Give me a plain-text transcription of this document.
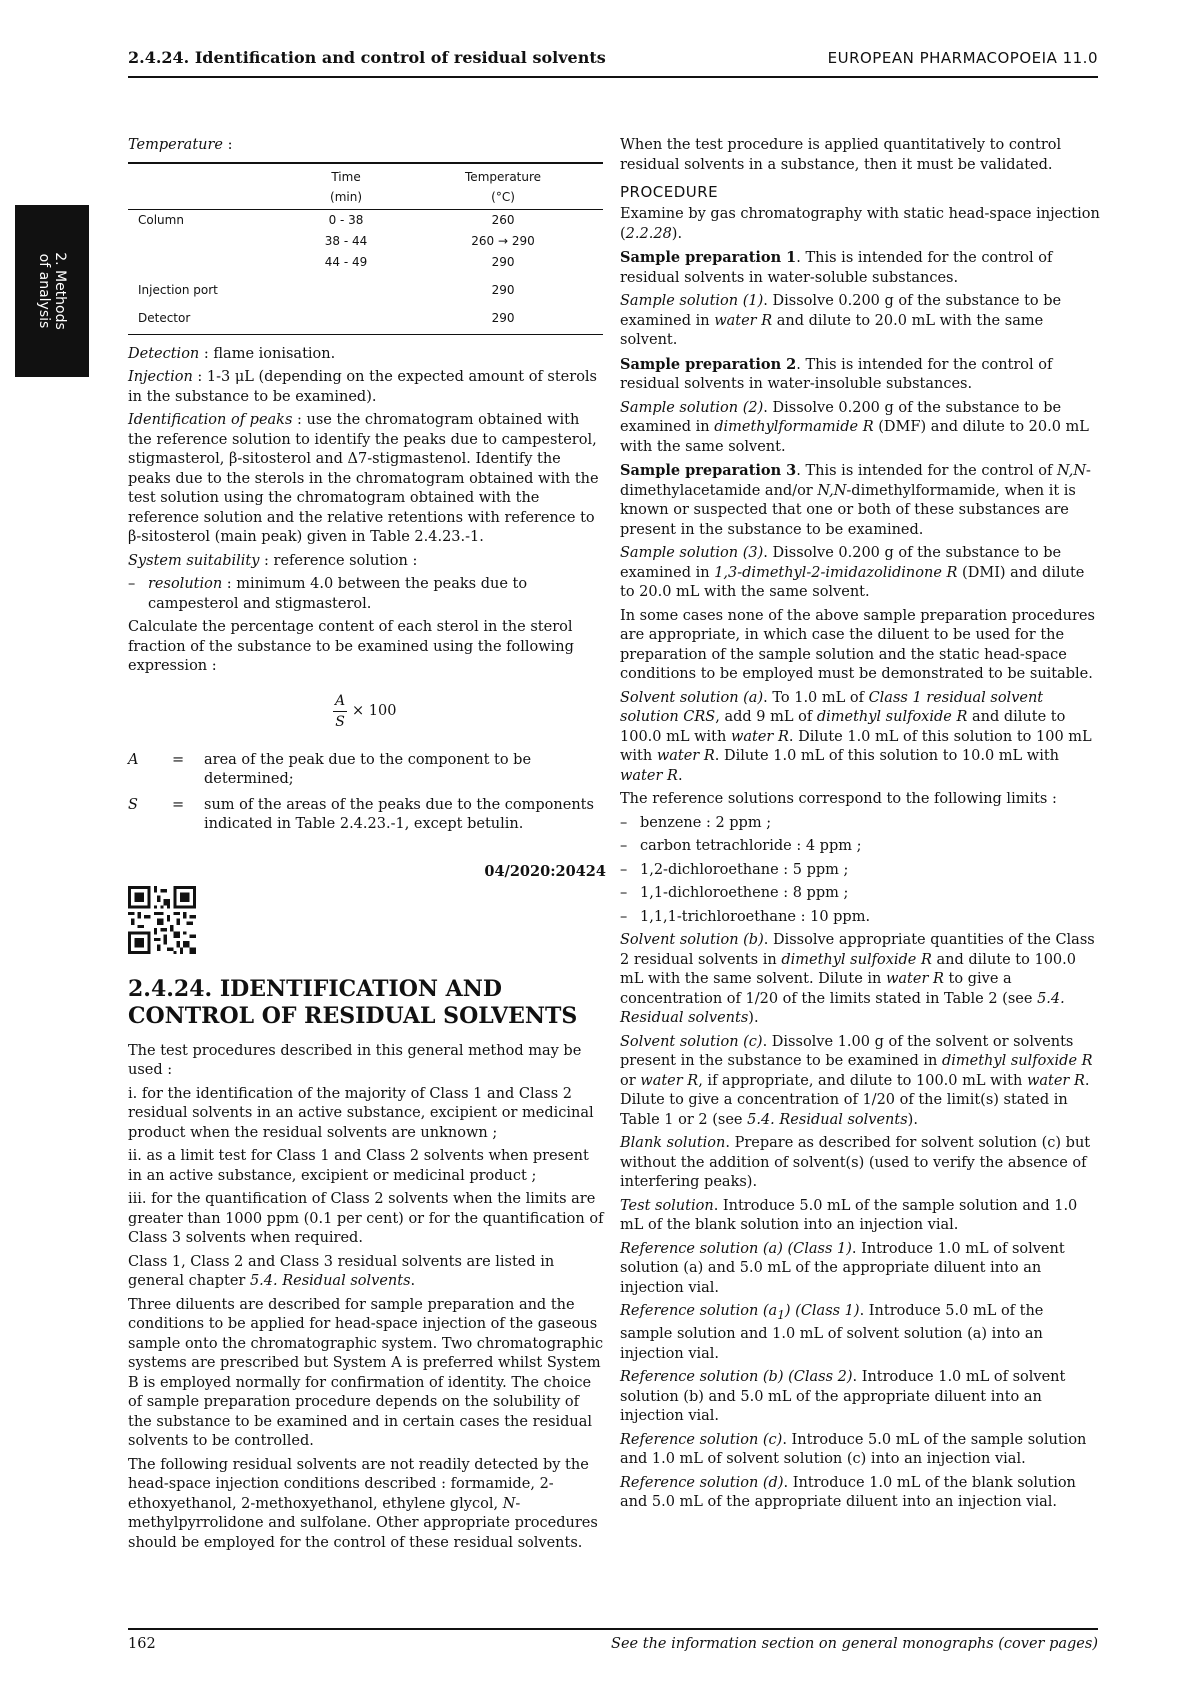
2.4.24. Identification and control of residual solvents	EUROPEAN PHARMACOPOEIA 11.0
2. Methods
of analysis

Temperature :

	Time	Temperature
	(min)	(°C)
Column	0 - 38	260
	38 - 44	260 → 290
	44 - 49	290
Injection port		290
Detector		290

Detection : flame ionisation.

Injection : 1-3 μL (depending on the expected amount of sterols in the substance to be examined).

Identification of peaks : use the chromatogram obtained with the reference solution to identify the peaks due to campesterol, stigmasterol, β-sitosterol and Δ7-stigmastenol. Identify the peaks due to the sterols in the chromatogram obtained with the test solution using the chromatogram obtained with the reference solution and the relative retentions with reference to β-sitosterol (main peak) given in Table 2.4.23.-1.

System suitability : reference solution :

– resolution : minimum 4.0 between the peaks due to campesterol and stigmasterol.

Calculate the percentage content of each sterol in the sterol fraction of the substance to be examined using the following expression :

$\frac{A}{S} \times 100$
A = area of the peak due to the component to be determined;
S = sum of the areas of the peaks due to the components indicated in Table 2.4.23.-1, except betulin.
04/2020:20424
2.4.24. IDENTIFICATION AND
CONTROL OF RESIDUAL SOLVENTS

The test procedures described in this general method may be used :

i. for the identification of the majority of Class 1 and Class 2 residual solvents in an active substance, excipient or medicinal product when the residual solvents are unknown ;

ii. as a limit test for Class 1 and Class 2 solvents when present in an active substance, excipient or medicinal product ;

iii. for the quantification of Class 2 solvents when the limits are greater than 1000 ppm (0.1 per cent) or for the quantification of Class 3 solvents when required.

Class 1, Class 2 and Class 3 residual solvents are listed in general chapter 5.4. Residual solvents.

Three diluents are described for sample preparation and the conditions to be applied for head-space injection of the gaseous sample onto the chromatographic system. Two chromatographic systems are prescribed but System A is preferred whilst System B is employed normally for confirmation of identity. The choice of sample preparation procedure depends on the solubility of the substance to be examined and in certain cases the residual solvents to be controlled.

The following residual solvents are not readily detected by the head-space injection conditions described : formamide, 2-ethoxyethanol, 2-methoxyethanol, ethylene glycol, N-methylpyrrolidone and sulfolane. Other appropriate procedures should be employed for the control of these residual solvents.

When the test procedure is applied quantitatively to control residual solvents in a substance, then it must be validated.

PROCEDURE

Examine by gas chromatography with static head-space injection (2.2.28).

Sample preparation 1. This is intended for the control of residual solvents in water-soluble substances.

Sample solution (1). Dissolve 0.200 g of the substance to be examined in water R and dilute to 20.0 mL with the same solvent.

Sample preparation 2. This is intended for the control of residual solvents in water-insoluble substances.

Sample solution (2). Dissolve 0.200 g of the substance to be examined in dimethylformamide R (DMF) and dilute to 20.0 mL with the same solvent.

Sample preparation 3. This is intended for the control of N,N-dimethylacetamide and/or N,N-dimethylformamide, when it is known or suspected that one or both of these substances are present in the substance to be examined.

Sample solution (3). Dissolve 0.200 g of the substance to be examined in 1,3-dimethyl-2-imidazolidinone R (DMI) and dilute to 20.0 mL with the same solvent.

In some cases none of the above sample preparation procedures are appropriate, in which case the diluent to be used for the preparation of the sample solution and the static head-space conditions to be employed must be demonstrated to be suitable.

Solvent solution (a). To 1.0 mL of Class 1 residual solvent solution CRS, add 9 mL of dimethyl sulfoxide R and dilute to 100.0 mL with water R. Dilute 1.0 mL of this solution to 100 mL with water R. Dilute 1.0 mL of this solution to 10.0 mL with water R.

The reference solutions correspond to the following limits :

– benzene : 2 ppm ;
– carbon tetrachloride : 4 ppm ;
– 1,2-dichloroethane : 5 ppm ;
– 1,1-dichloroethene : 8 ppm ;
– 1,1,1-trichloroethane : 10 ppm.

Solvent solution (b). Dissolve appropriate quantities of the Class 2 residual solvents in dimethyl sulfoxide R and dilute to 100.0 mL with the same solvent. Dilute in water R to give a concentration of 1/20 of the limits stated in Table 2 (see 5.4. Residual solvents).

Solvent solution (c). Dissolve 1.00 g of the solvent or solvents present in the substance to be examined in dimethyl sulfoxide R or water R, if appropriate, and dilute to 100.0 mL with water R. Dilute to give a concentration of 1/20 of the limit(s) stated in Table 1 or 2 (see 5.4. Residual solvents).

Blank solution. Prepare as described for solvent solution (c) but without the addition of solvent(s) (used to verify the absence of interfering peaks).

Test solution. Introduce 5.0 mL of the sample solution and 1.0 mL of the blank solution into an injection vial.

Reference solution (a) (Class 1). Introduce 1.0 mL of solvent solution (a) and 5.0 mL of the appropriate diluent into an injection vial.

Reference solution $(a_1)$ (Class 1). Introduce 5.0 mL of the sample solution and 1.0 mL of solvent solution (a) into an injection vial.

Reference solution (b) (Class 2). Introduce 1.0 mL of solvent solution (b) and 5.0 mL of the appropriate diluent into an injection vial.

Reference solution (c). Introduce 5.0 mL of the sample solution and 1.0 mL of solvent solution (c) into an injection vial.

Reference solution (d). Introduce 1.0 mL of the blank solution and 5.0 mL of the appropriate diluent into an injection vial.

162	See the information section on general monographs (cover pages)
